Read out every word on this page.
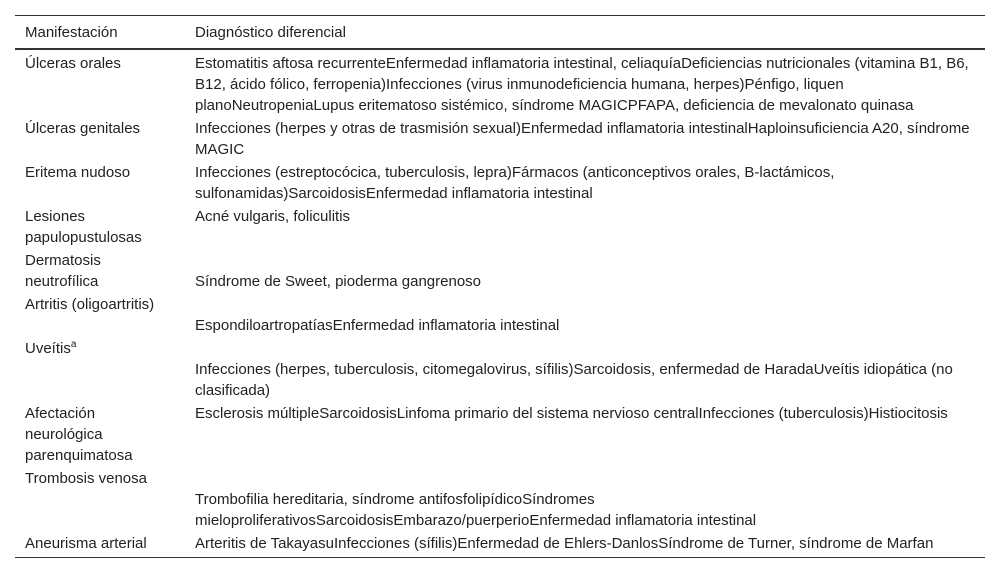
Manifestación	Diagnóstico diferencial
Úlceras orales	Estomatitis aftosa recurrenteEnfermedad inflamatoria intestinal, celiaquíaDeficiencias nutricionales (vitamina B1, B6, B12, ácido fólico, ferropenia)Infecciones (virus inmunodeficiencia humana, herpes)Pénfigo, liquen planoNeutropeniaLupus eritematoso sistémico, síndrome MAGICPFAPA, deficiencia de mevalonato quinasa
Úlceras genitales	Infecciones (herpes y otras de trasmisión sexual)Enfermedad inflamatoria intestinalHaploinsuficiencia A20, síndrome MAGIC
Eritema nudoso	Infecciones (estreptocócica, tuberculosis, lepra)Fármacos (anticonceptivos orales, B-lactámicos, sulfonamidas)SarcoidosisEnfermedad inflamatoria intestinal
Lesiones papulopustulosas	Acné vulgaris, foliculitis
Dermatosis neutrofílica	Síndrome de Sweet, pioderma gangrenoso
Artritis (oligoartritis)	EspondiloartropatíasEnfermedad inflamatoria intestinal
Uveítis$^a$	Infecciones (herpes, tuberculosis, citomegalovirus, sífilis)Sarcoidosis, enfermedad de HaradaUveítis idiopática (no clasificada)
Afectación neurológica parenquimatosa	Esclerosis múltipleSarcoidosisLinfoma primario del sistema nervioso centralInfecciones (tuberculosis)Histiocitosis
Trombosis venosa	Trombofilia hereditaria, síndrome antifosfolipídicoSíndromes mieloproliferativosSarcoidosisEmbarazo/puerperioEnfermedad inflamatoria intestinal
Aneurisma arterial	Arteritis de TakayasuInfecciones (sífilis)Enfermedad de Ehlers-DanlosSíndrome de Turner, síndrome de Marfan
